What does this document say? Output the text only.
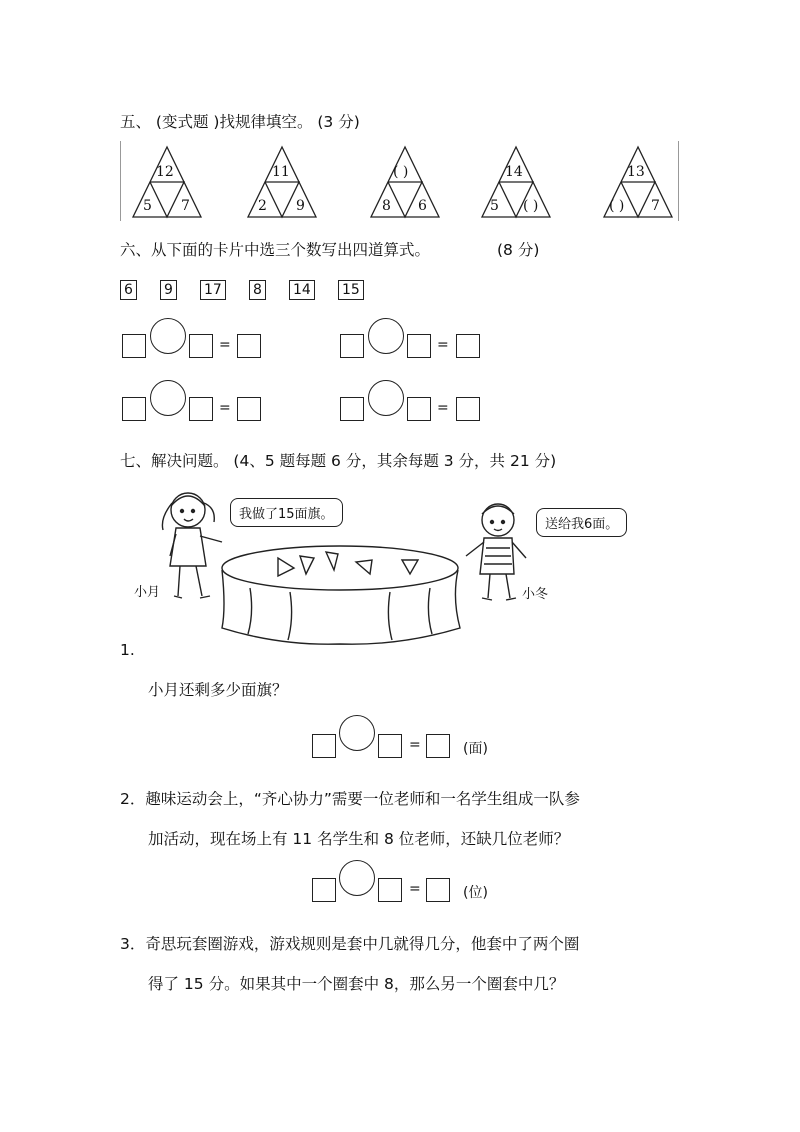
五、 (变式题 )找规律填空。 (3 分)
12
5 7
11
2 9
( )
8 6
14
5 ( )
13
( ) 7
六、从下面的卡片中选三个数写出四道算式。	(8 分)
6 9 17 8 14 15
=	=
=	=
七、解决问题。 (4、5 题每题 6 分，其余每题 3 分，共 21 分)
我做了15面旗。
送给我6面。
小月	小冬
1.
小月还剩多少面旗？
=	(面)
2．趣味运动会上，“齐心协力”需要一位老师和一名学生组成一队参
加活动，现在场上有 11 名学生和 8 位老师，还缺几位老师？
=	(位)
3．奇思玩套圈游戏，游戏规则是套中几就得几分，他套中了两个圈
得了 15 分。如果其中一个圈套中 8，那么另一个圈套中几？
